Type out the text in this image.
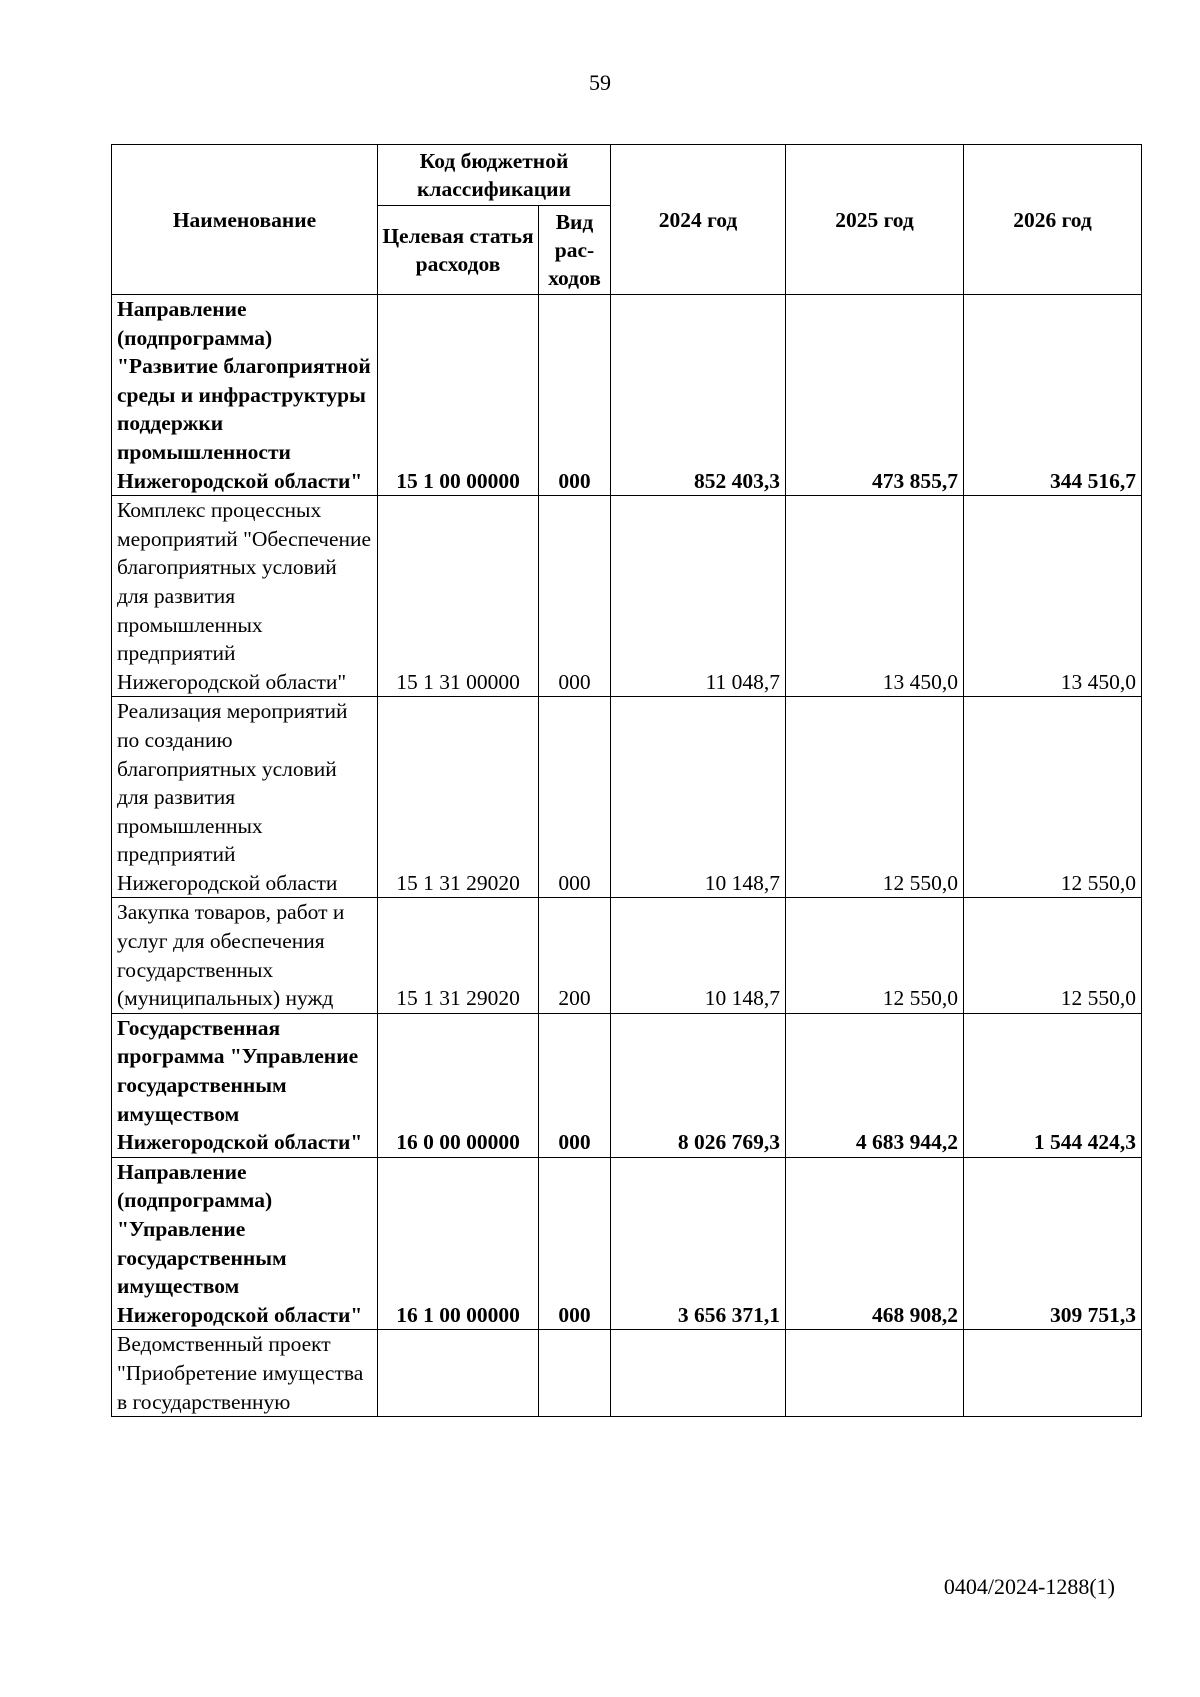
59
Наименование	Код бюджетной классификации		2024 год	2025 год	2026 год
	Целевая статья расходов	Вид рас-ходов			
Направление (подпрограмма) "Развитие благоприятной среды и инфраструктуры поддержки промышленности Нижегородской области"	15 1 00 00000	000	852 403,3	473 855,7	344 516,7
Комплекс процессных мероприятий "Обеспечение благоприятных условий для развития промышленных предприятий Нижегородской области"	15 1 31 00000	000	11 048,7	13 450,0	13 450,0
Реализация мероприятий по созданию благоприятных условий для развития промышленных предприятий Нижегородской области	15 1 31 29020	000	10 148,7	12 550,0	12 550,0
Закупка товаров, работ и услуг для обеспечения государственных (муниципальных) нужд	15 1 31 29020	200	10 148,7	12 550,0	12 550,0
Государственная программа "Управление государственным имуществом Нижегородской области"	16 0 00 00000	000	8 026 769,3	4 683 944,2	1 544 424,3
Направление (подпрограмма) "Управление государственным имуществом Нижегородской области"	16 1 00 00000	000	3 656 371,1	468 908,2	309 751,3
Ведомственный проект "Приобретение имущества в государственную					
0404/2024-1288(1)
